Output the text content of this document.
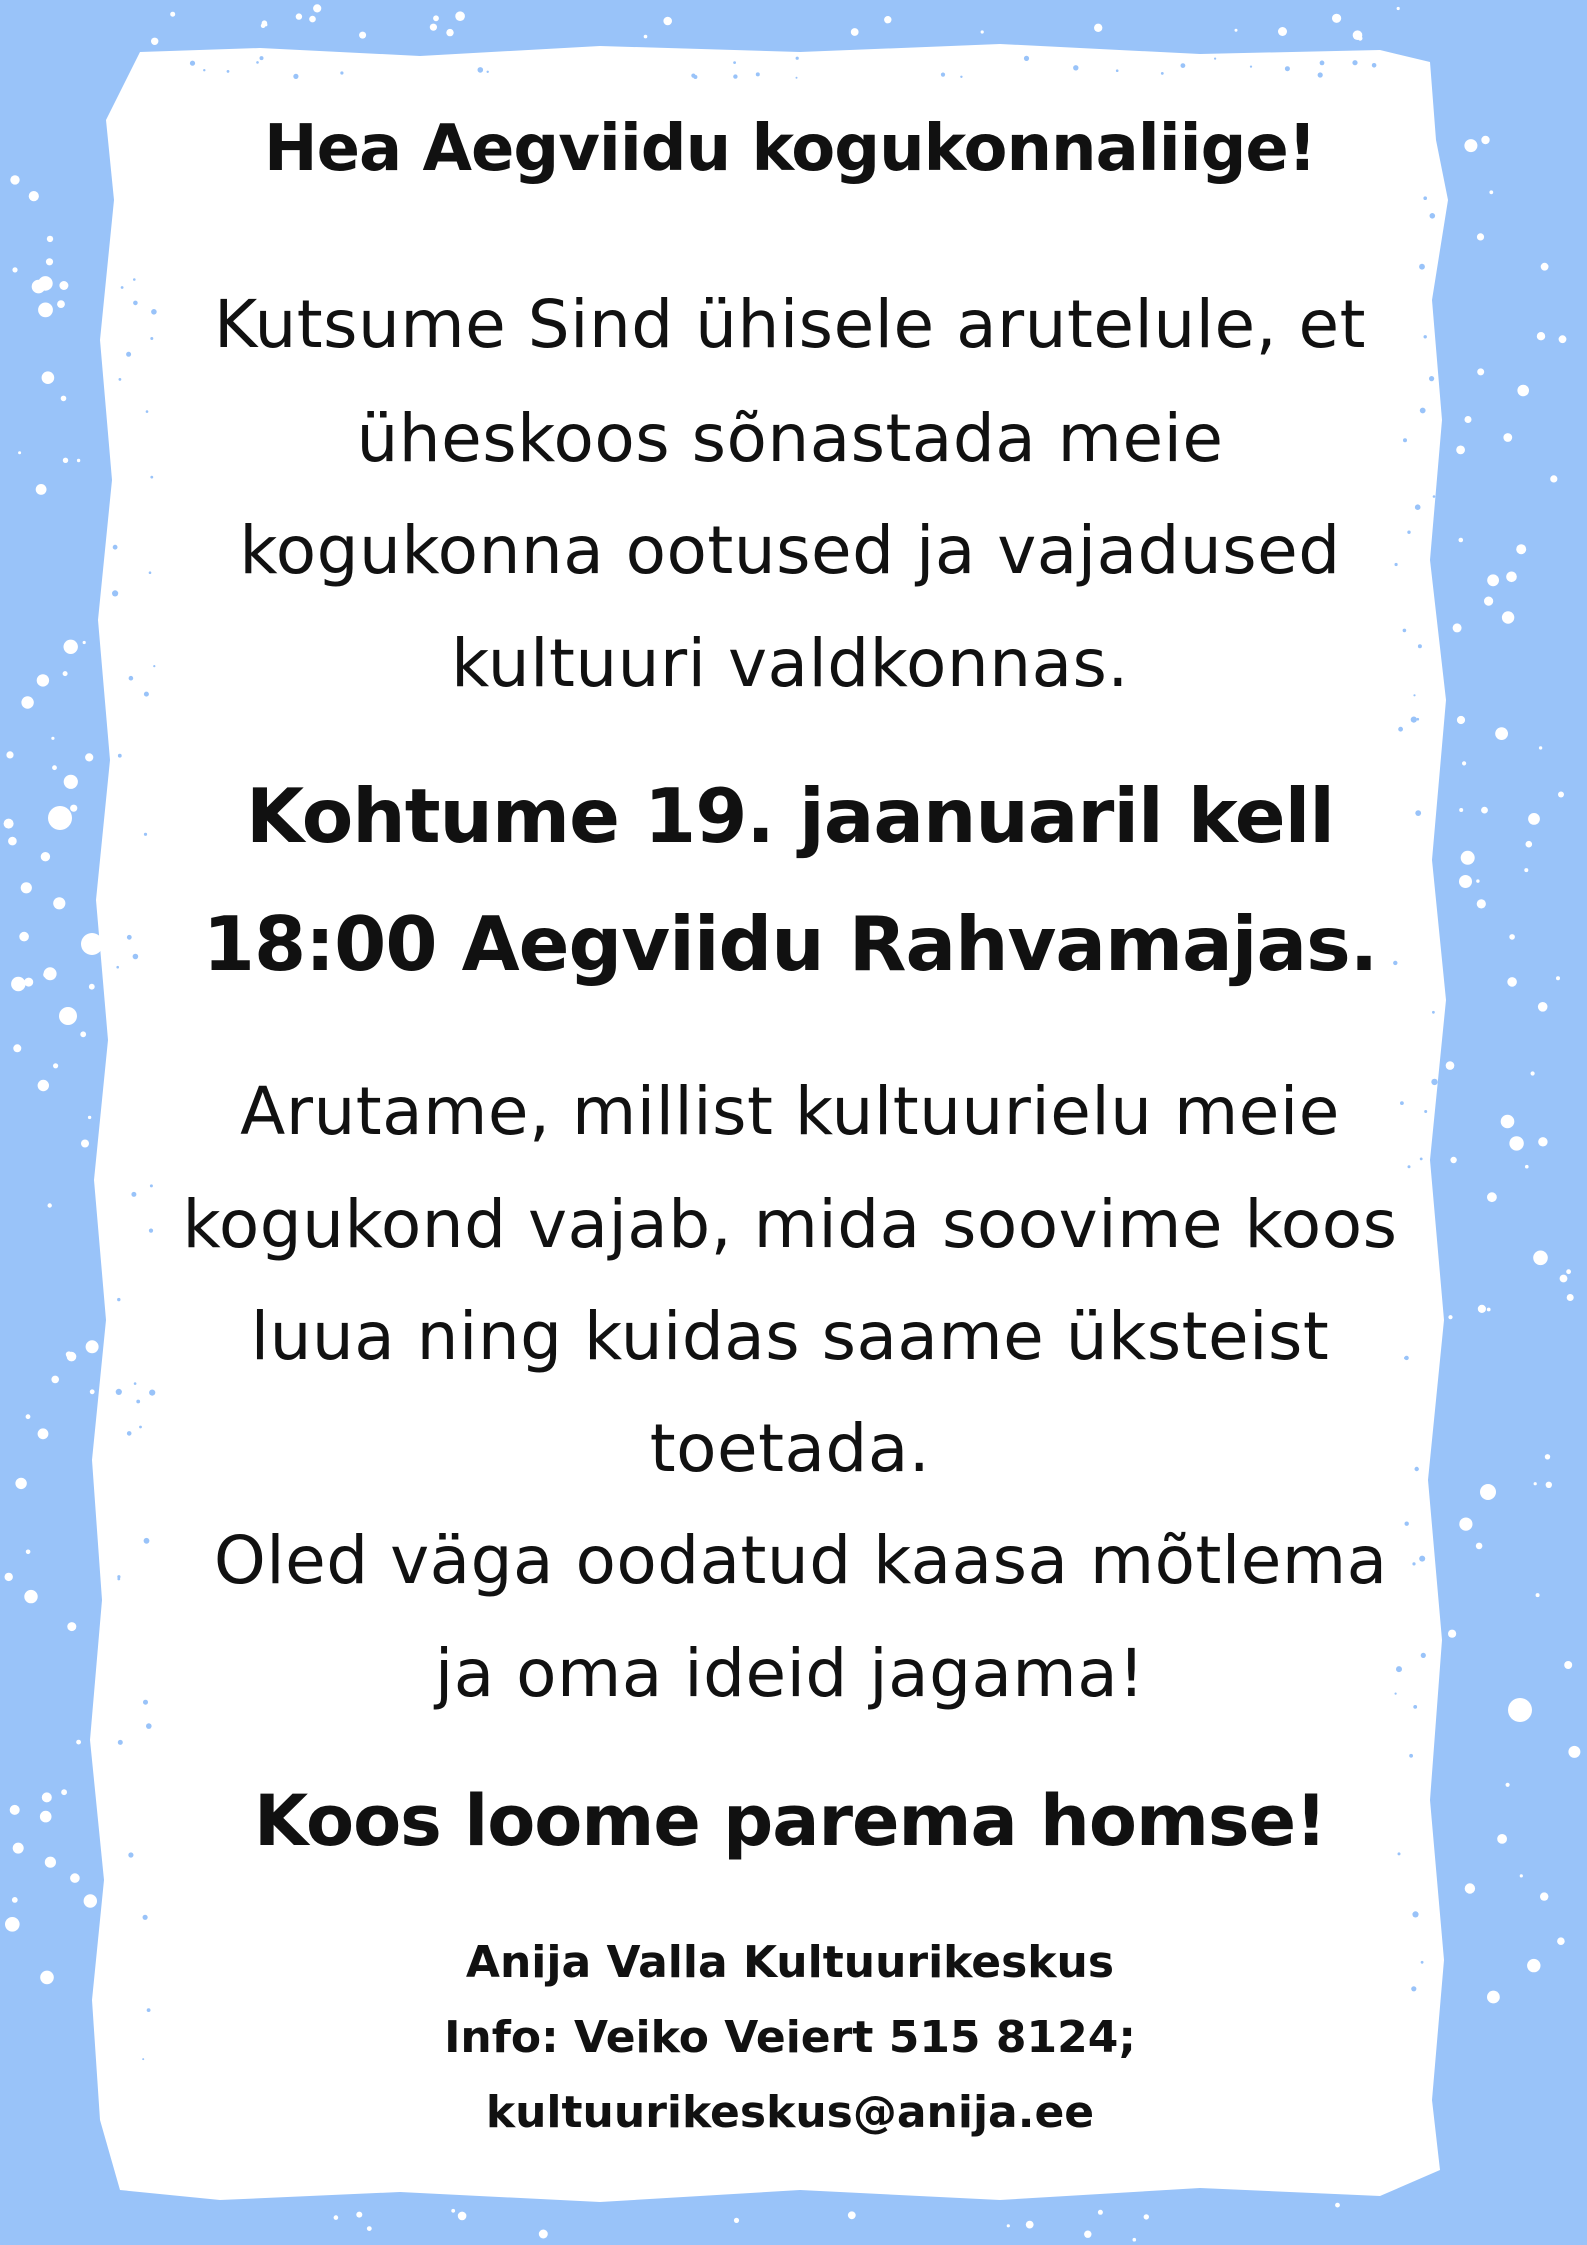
Hea Aegviidu kogukonnaliige!
Kutsume Sind ühisele arutelule, et
üheskoos sõnastada meie
kogukonna ootused ja vajadused
kultuuri valdkonnas.
Kohtume 19. jaanuaril kell
18:00 Aegviidu Rahvamajas.
Arutame, millist kultuurielu meie
kogukond vajab, mida soovime koos
luua ning kuidas saame üksteist
toetada.
Oled väga oodatud kaasa mõtlema
ja oma ideid jagama!
Koos loome parema homse!
Anija Valla Kultuurikeskus
Info: Veiko Veiert 515 8124;
kultuurikeskus@anija.ee
